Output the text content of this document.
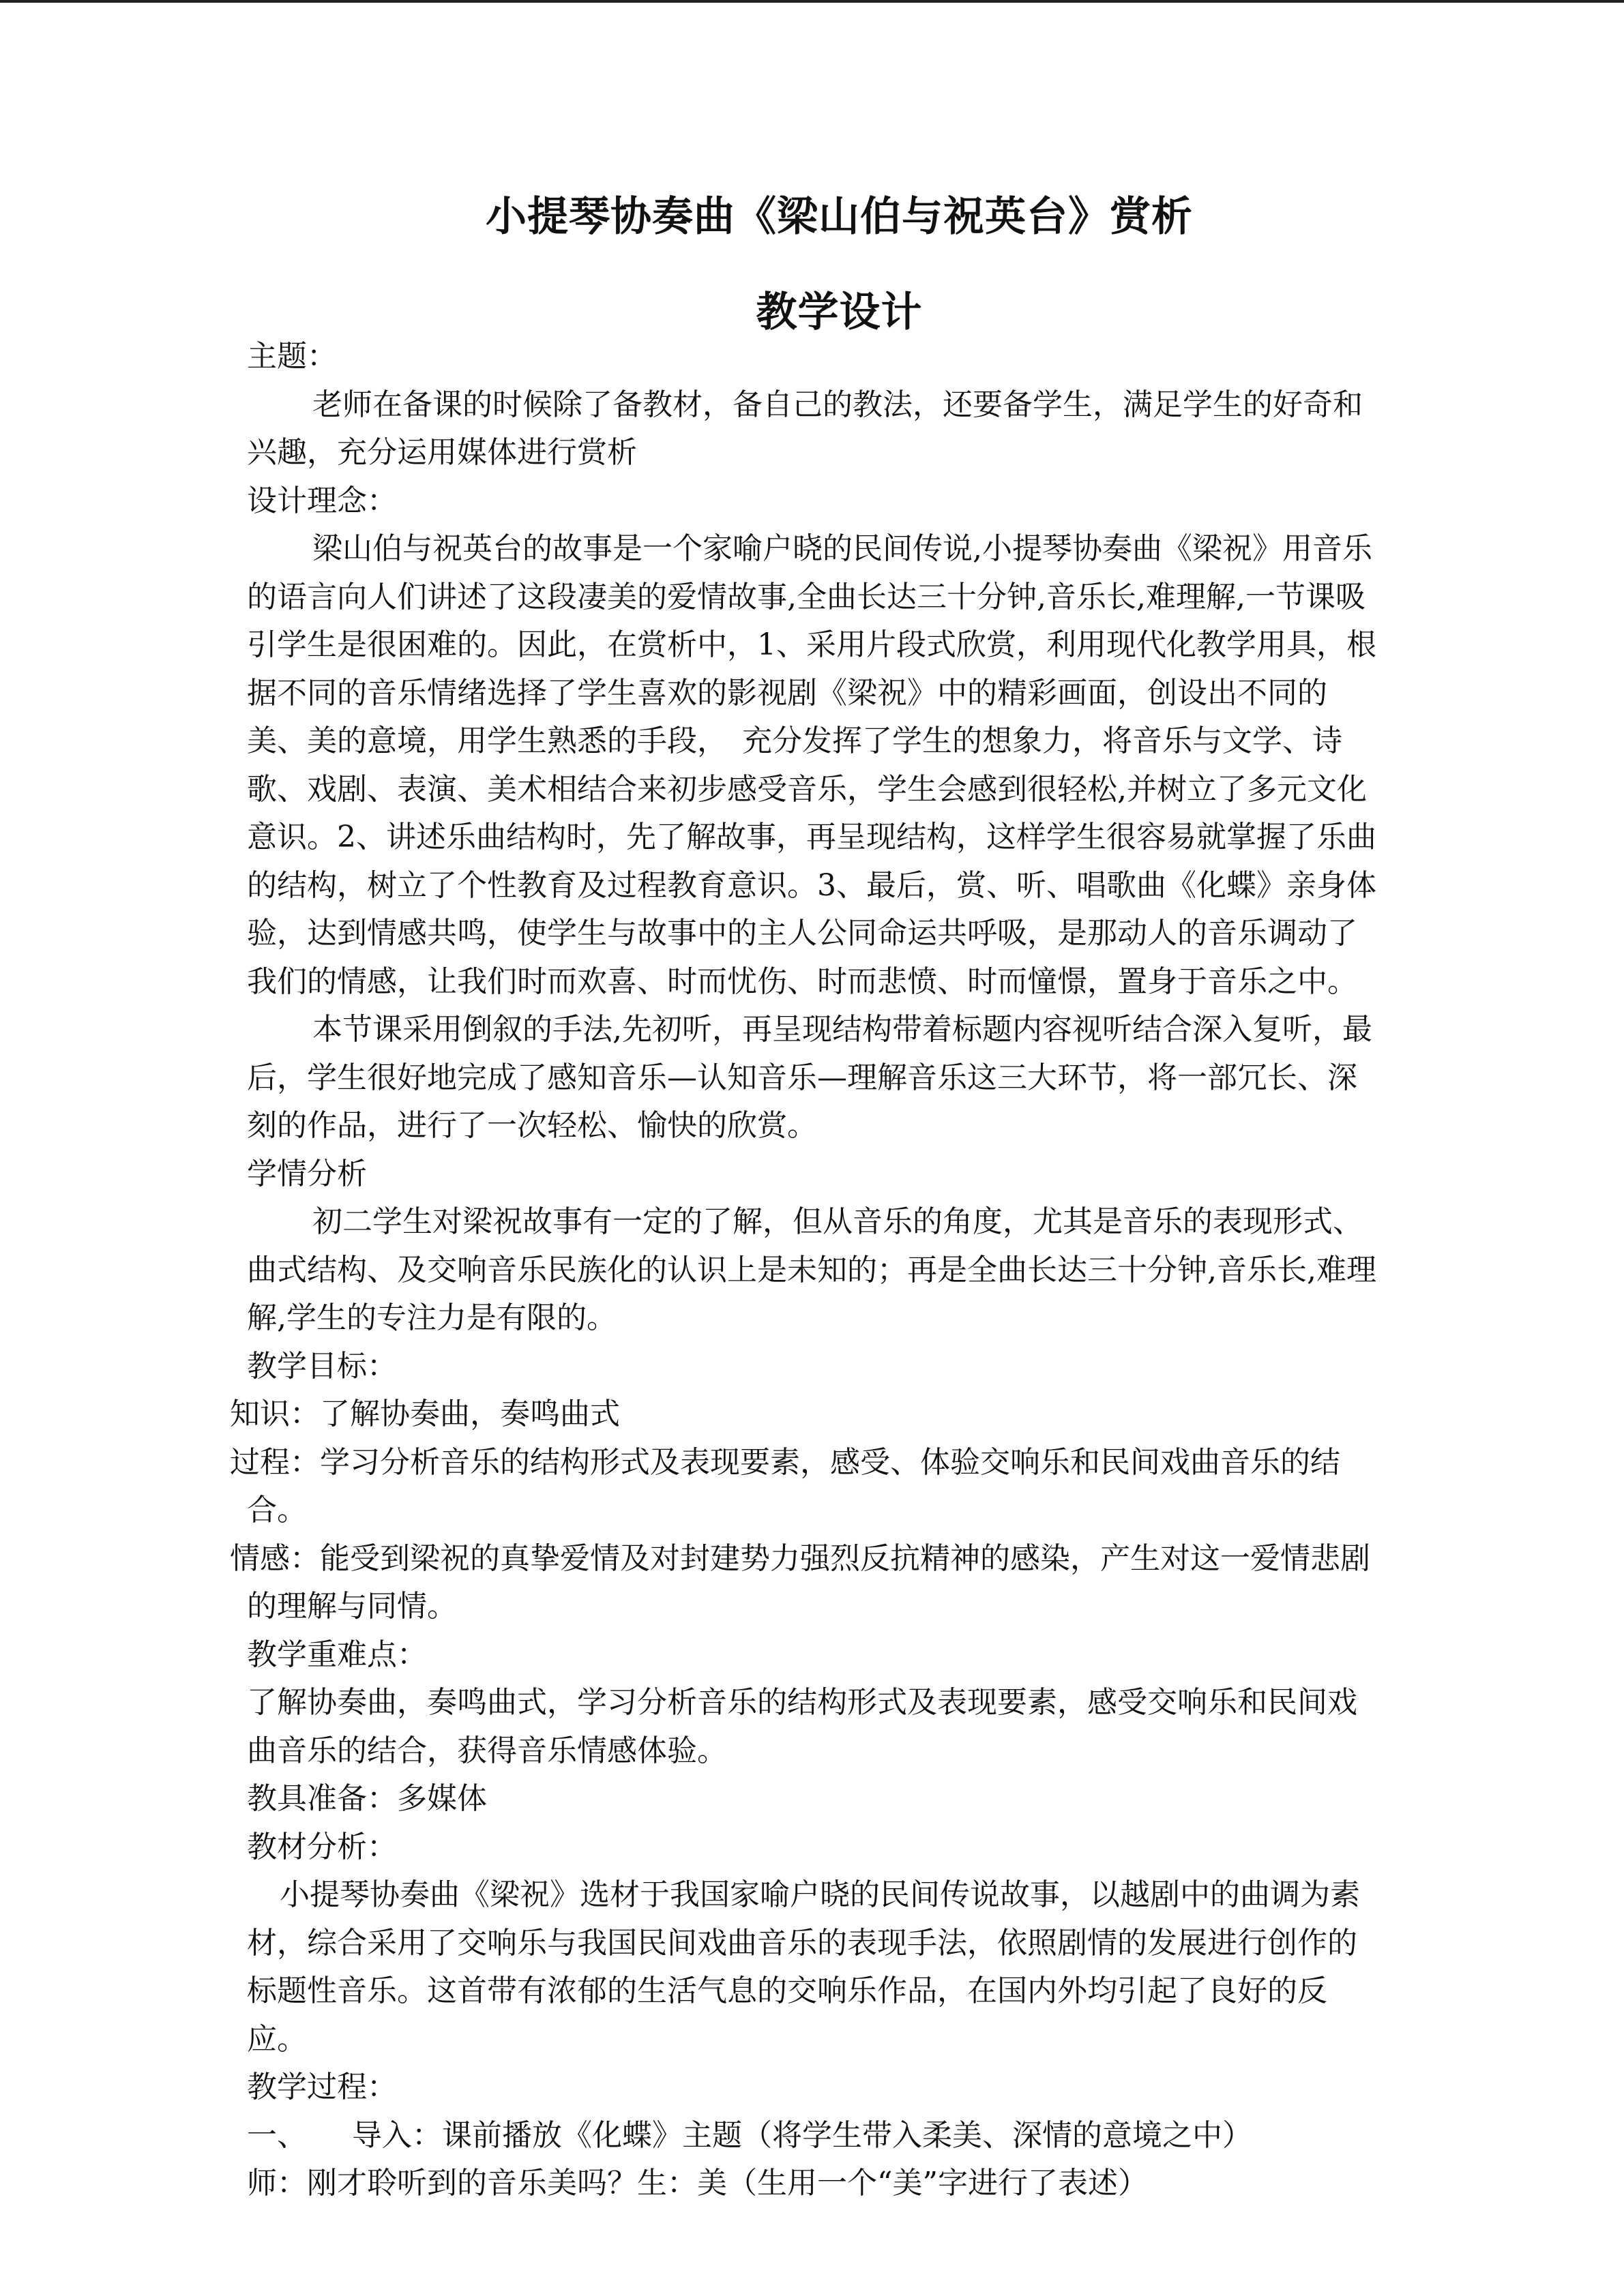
小提琴协奏曲《梁山伯与祝英台》赏析
教学设计

主题：

老师在备课的时候除了备教材，备自己的教法，还要备学生，满足学生的好奇和兴趣，充分运用媒体进行赏析

设计理念：

梁山伯与祝英台的故事是一个家喻户晓的民间传说,小提琴协奏曲《梁祝》用音乐的语言向人们讲述了这段凄美的爱情故事,全曲长达三十分钟,音乐长,难理解,一节课吸引学生是很困难的。因此，在赏析中，1、采用片段式欣赏，利用现代化教学用具，根据不同的音乐情绪选择了学生喜欢的影视剧《梁祝》中的精彩画面，创设出不同的美、美的意境，用学生熟悉的手段，　充分发挥了学生的想象力，将音乐与文学、诗歌、戏剧、表演、美术相结合来初步感受音乐，学生会感到很轻松,并树立了多元文化意识。2、讲述乐曲结构时，先了解故事，再呈现结构，这样学生很容易就掌握了乐曲的结构，树立了个性教育及过程教育意识。3、最后，赏、听、唱歌曲《化蝶》亲身体验，达到情感共鸣，使学生与故事中的主人公同命运共呼吸，是那动人的音乐调动了我们的情感，让我们时而欢喜、时而忧伤、时而悲愤、时而憧憬，置身于音乐之中。

本节课采用倒叙的手法,先初听，再呈现结构带着标题内容视听结合深入复听，最后，学生很好地完成了感知音乐—认知音乐—理解音乐这三大环节，将一部冗长、深刻的作品，进行了一次轻松、愉快的欣赏。

学情分析

初二学生对梁祝故事有一定的了解，但从音乐的角度，尤其是音乐的表现形式、曲式结构、及交响音乐民族化的认识上是未知的；再是全曲长达三十分钟,音乐长,难理解,学生的专注力是有限的。

教学目标：

知识：了解协奏曲，奏鸣曲式

过程：学习分析音乐的结构形式及表现要素，感受、体验交响乐和民间戏曲音乐的结合。

情感：能受到梁祝的真挚爱情及对封建势力强烈反抗精神的感染，产生对这一爱情悲剧的理解与同情。

教学重难点：

了解协奏曲，奏鸣曲式，学习分析音乐的结构形式及表现要素，感受交响乐和民间戏曲音乐的结合，获得音乐情感体验。

教具准备：多媒体

教材分析：

小提琴协奏曲《梁祝》选材于我国家喻户晓的民间传说故事，以越剧中的曲调为素材，综合采用了交响乐与我国民间戏曲音乐的表现手法，依照剧情的发展进行创作的标题性音乐。这首带有浓郁的生活气息的交响乐作品，在国内外均引起了良好的反应。

教学过程：

一、　　导入：课前播放《化蝶》主题（将学生带入柔美、深情的意境之中）

师：刚才聆听到的音乐美吗？生：美（生用一个“美”字进行了表述）
